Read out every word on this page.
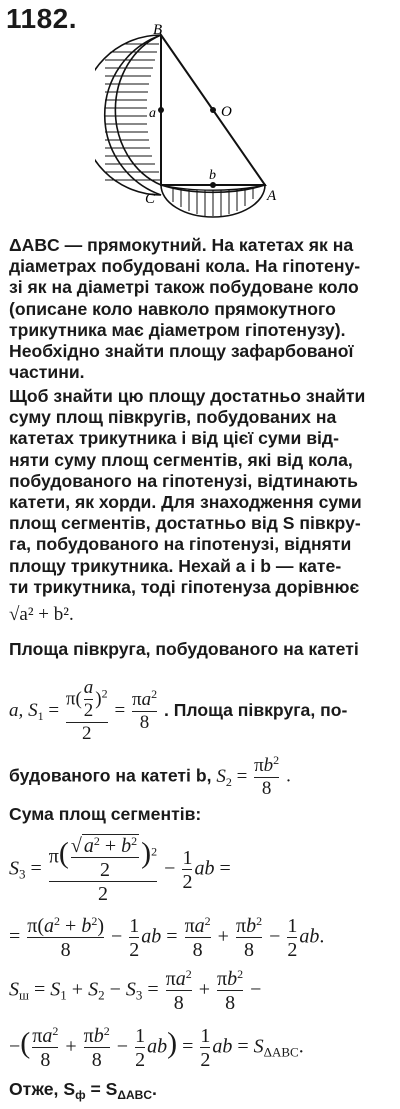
1182.	B
a	O
b
C	A
ΔABC — прямокутний. На катетах як на
діаметрах побудовані кола. На гіпотену-
зі як на діаметрі також побудоване коло
(описане коло навколо прямокутного
трикутника має діаметром гіпотенузу).
Необхідно знайти площу зафарбованої
частини.
Щоб знайти цю площу достатньо знайти
суму площ півкругів, побудованих на
катетах трикутника і від цієї суми від-
няти суму площ сегментів, які від кола,
побудованого на гіпотенузі, відтинають
катети, як хорди. Для знаходження суми
площ сегментів, достатньо від S півкру-
га, побудованого на гіпотенузі, відняти
площу трикутника. Нехай a і b — кате-
ти трикутника, тоді гіпотенуза дорівнює
√a² + b².
Площа півкруга, побудованого на катеті
a, $S_1 = \frac{\pi( \frac{a}{2} )^2}{2} = \frac{\pi a^2}{8}$ . Площа півкруга, по-
будованого на катеті b, $S_2 = \frac{\pi b^2}{8}$ .
Сума площ сегментів:
$S_3 = \frac{\pi( \frac{√ a^2 + b^2}{2} )^2}{2} - \frac{1}{2}$ ab =
= $\frac{\pi(a^2 + b^2)}{8} - \frac{1}{2}$ ab = $\frac{\pi a^2}{8} + \frac{\pi b^2}{8} - \frac{1}{2}$ ab.
$S_ш = S_1 + S_2 - S_3 = \frac{\pi a^2}{8} + \frac{\pi b^2}{8}$ −
−( $\frac{\pi a^2}{8} + \frac{\pi b^2}{8} - \frac{1}{2} ab) = \frac{1}{2}$ ab = $S_{\Delta ABC}$.
Отже, $S_ф = S_{\Delta ABC}$.
